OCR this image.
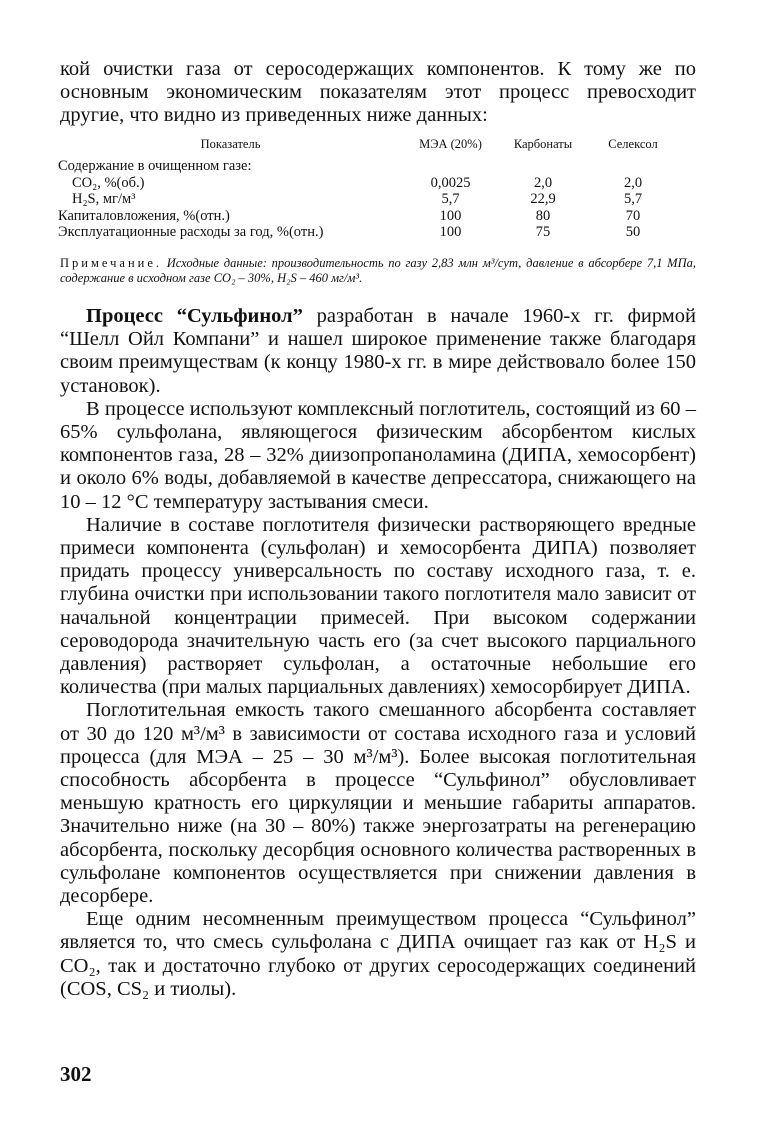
кой очистки газа от серосодержащих компонентов. К тому же по основным экономическим показателям этот процесс превосходит другие, что видно из приведенных ниже данных:

Показатель	МЭА (20%)	Карбонаты	Селексол
Содержание в очищенном газе:			
CO₂, %(об.)	0,0025	2,0	2,0
H₂S, мг/м³	5,7	22,9	5,7
Капиталовложения, %(отн.)	100	80	70
Эксплуатационные расходы за год, %(отн.)	100	75	50
Примечание. Исходные данные: производительность по газу 2,83 млн м³/сут, давление в абсорбере 7,1 МПа, содержание в исходном газе CO₂ – 30%, H₂S – 460 мг/м³.

Процесс “Сульфинол” разработан в начале 1960-х гг. фирмой “Шелл Ойл Компани” и нашел широкое применение также благодаря своим преимуществам (к концу 1980-х гг. в мире действовало более 150 установок).

В процессе используют комплексный поглотитель, состоящий из 60 – 65% сульфолана, являющегося физическим абсорбентом кислых компонентов газа, 28 – 32% диизопропаноламина (ДИПА, хемосорбент) и около 6% воды, добавляемой в качестве депрессатора, снижающего на 10 – 12 °С температуру застывания смеси.

Наличие в составе поглотителя физически растворяющего вредные примеси компонента (сульфолан) и хемосорбента ДИПА) позволяет придать процессу универсальность по составу исходного газа, т. е. глубина очистки при использовании такого поглотителя мало зависит от начальной концентрации примесей. При высоком содержании сероводорода значительную часть его (за счет высокого парциального давления) растворяет сульфолан, а остаточные небольшие его количества (при малых парциальных давлениях) хемосорбирует ДИПА.

Поглотительная емкость такого смешанного абсорбента составляет от 30 до 120 м³/м³ в зависимости от состава исходного газа и условий процесса (для МЭА – 25 – 30 м³/м³). Более высокая поглотительная способность абсорбента в процессе “Сульфинол” обусловливает меньшую кратность его циркуляции и меньшие габариты аппаратов. Значительно ниже (на 30 – 80%) также энергозатраты на регенерацию абсорбента, поскольку десорбция основного количества растворенных в сульфолане компонентов осуществляется при снижении давления в десорбере.

Еще одним несомненным преимуществом процесса “Сульфинол” является то, что смесь сульфолана с ДИПА очищает газ как от H₂S и CO₂, так и достаточно глубоко от других серосодержащих соединений (COS, CS₂ и тиолы).

302
